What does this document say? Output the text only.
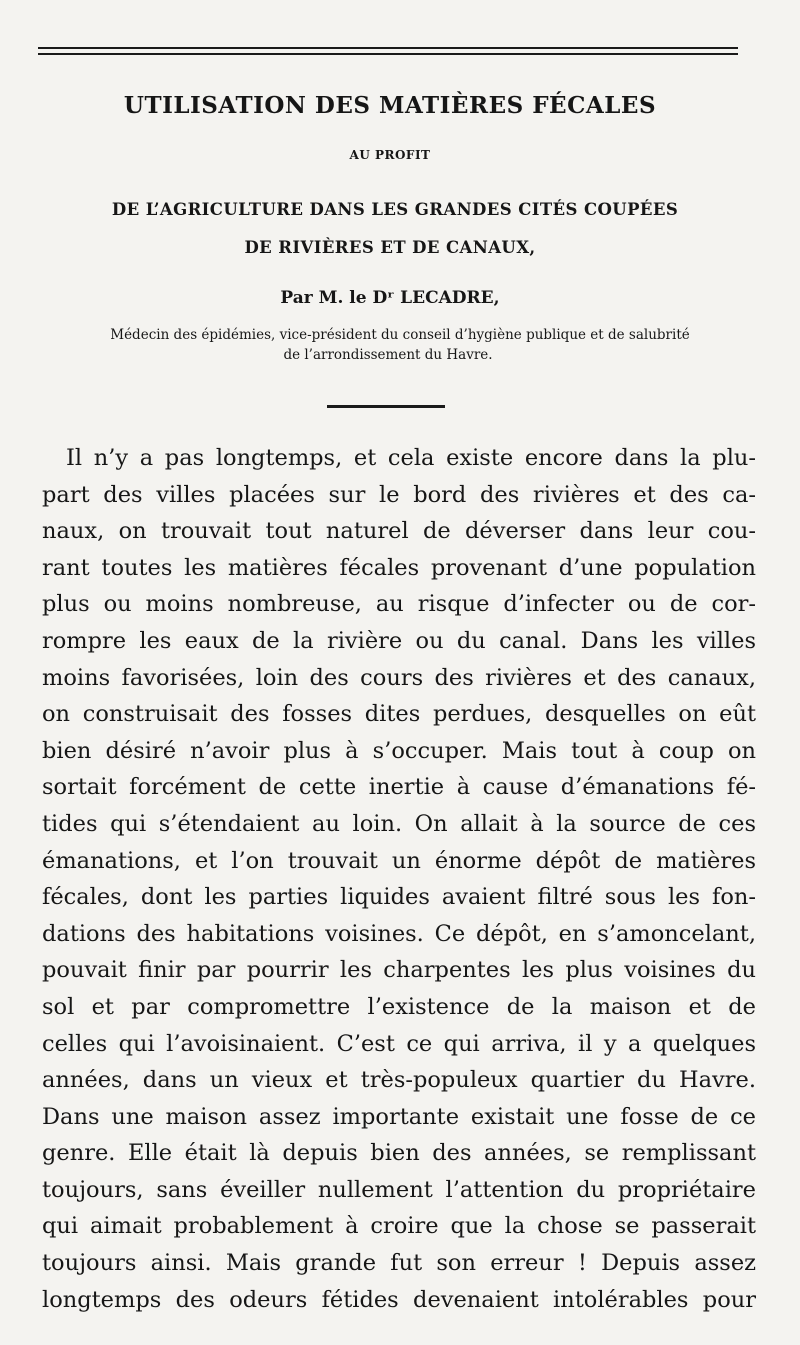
UTILISATION DES MATIÈRES FÉCALES
AU PROFIT
DE L’AGRICULTURE DANS LES GRANDES CITÉS COUPÉES
DE RIVIÈRES ET DE CANAUX,
Par M. le Dʳ LECADRE,
Médecin des épidémies, vice-président du conseil d’hygiène publique et de salubrité
de l’arrondissement du Havre.
Il n’y a pas longtemps, et cela existe encore dans la plu-
part des villes placées sur le bord des rivières et des ca-
naux, on trouvait tout naturel de déverser dans leur cou-
rant toutes les matières fécales provenant d’une population
plus ou moins nombreuse, au risque d’infecter ou de cor-
rompre les eaux de la rivière ou du canal. Dans les villes
moins favorisées, loin des cours des rivières et des canaux,
on construisait des fosses dites perdues, desquelles on eût
bien désiré n’avoir plus à s’occuper. Mais tout à coup on
sortait forcément de cette inertie à cause d’émanations fé-
tides qui s’étendaient au loin. On allait à la source de ces
émanations, et l’on trouvait un énorme dépôt de matières
fécales, dont les parties liquides avaient filtré sous les fon-
dations des habitations voisines. Ce dépôt, en s’amoncelant,
pouvait finir par pourrir les charpentes les plus voisines du
sol et par compromettre l’existence de la maison et de
celles qui l’avoisinaient. C’est ce qui arriva, il y a quelques
années, dans un vieux et très-populeux quartier du Havre.
Dans une maison assez importante existait une fosse de ce
genre. Elle était là depuis bien des années, se remplissant
toujours, sans éveiller nullement l’attention du propriétaire
qui aimait probablement à croire que la chose se passerait
toujours ainsi. Mais grande fut son erreur ! Depuis assez
longtemps des odeurs fétides devenaient intolérables pour
